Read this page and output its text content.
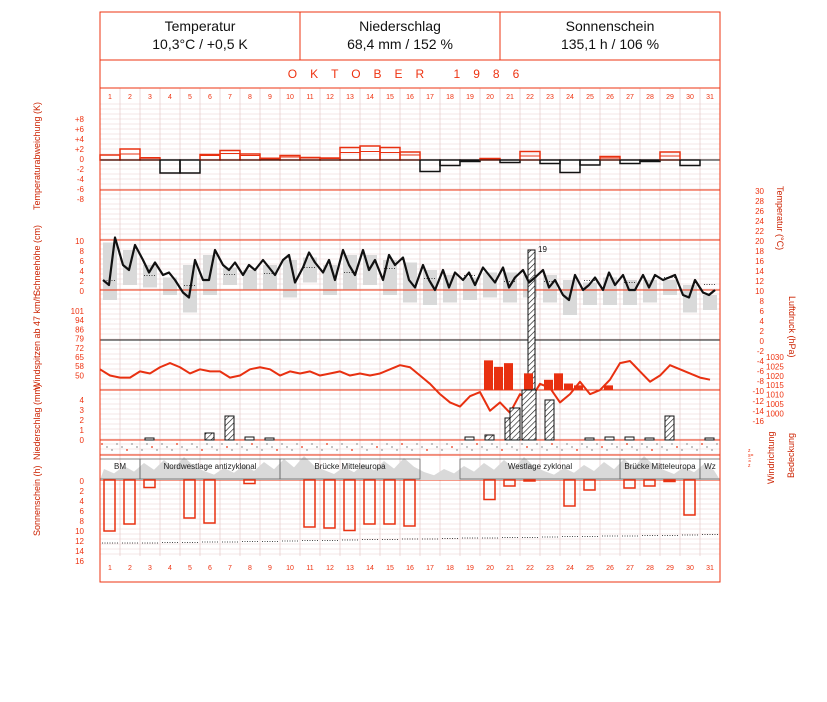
19
1
1
2
2
3
3
4
4
5
5
6
6
7
7
8
8
9
9
10
10
11
11
12
12
13
13
14
14
15
15
16
16
17
17
18
18
19
19
20
20
21
21
22
22
23
23
24
24
25
25
26
26
27
27
28
28
29
29
30
30
31
31
+8
+6
+4
+2
0
-2
-4
-6
-8
10
8
6
4
2
0
101
94
86
79
72
65
58
50
4
3
2
1
0
0
2
4
6
8
10
12
14
16
30
28
26
24
22
20
18
16
14
12
10
8
6
4
2
0
-2
-4
-6
-8
-10
-12
-14
-16
1030
1025
1020
1015
1010
1005
1000
z
s=
Ξ
z
Temperatur
10,3°C / +0,5 K
Niederschlag
68,4 mm / 152 %
Sonnenschein
135,1 h / 106 %
OKTOBER 1986
Temperaturabweichung (K)
Schneehöhe (cm)
Windspitzen ab 47 km/h
Niederschlag (mm)
Sonnenschein (h)
Temperatur (°C)
Luftdruck (hPa)
Windrichtung Bedeckung
BM	Nordwestlage antizyklonal	Brücke Mitteleuropa	Westlage zyklonal	Brücke Mitteleuropa	Wz
